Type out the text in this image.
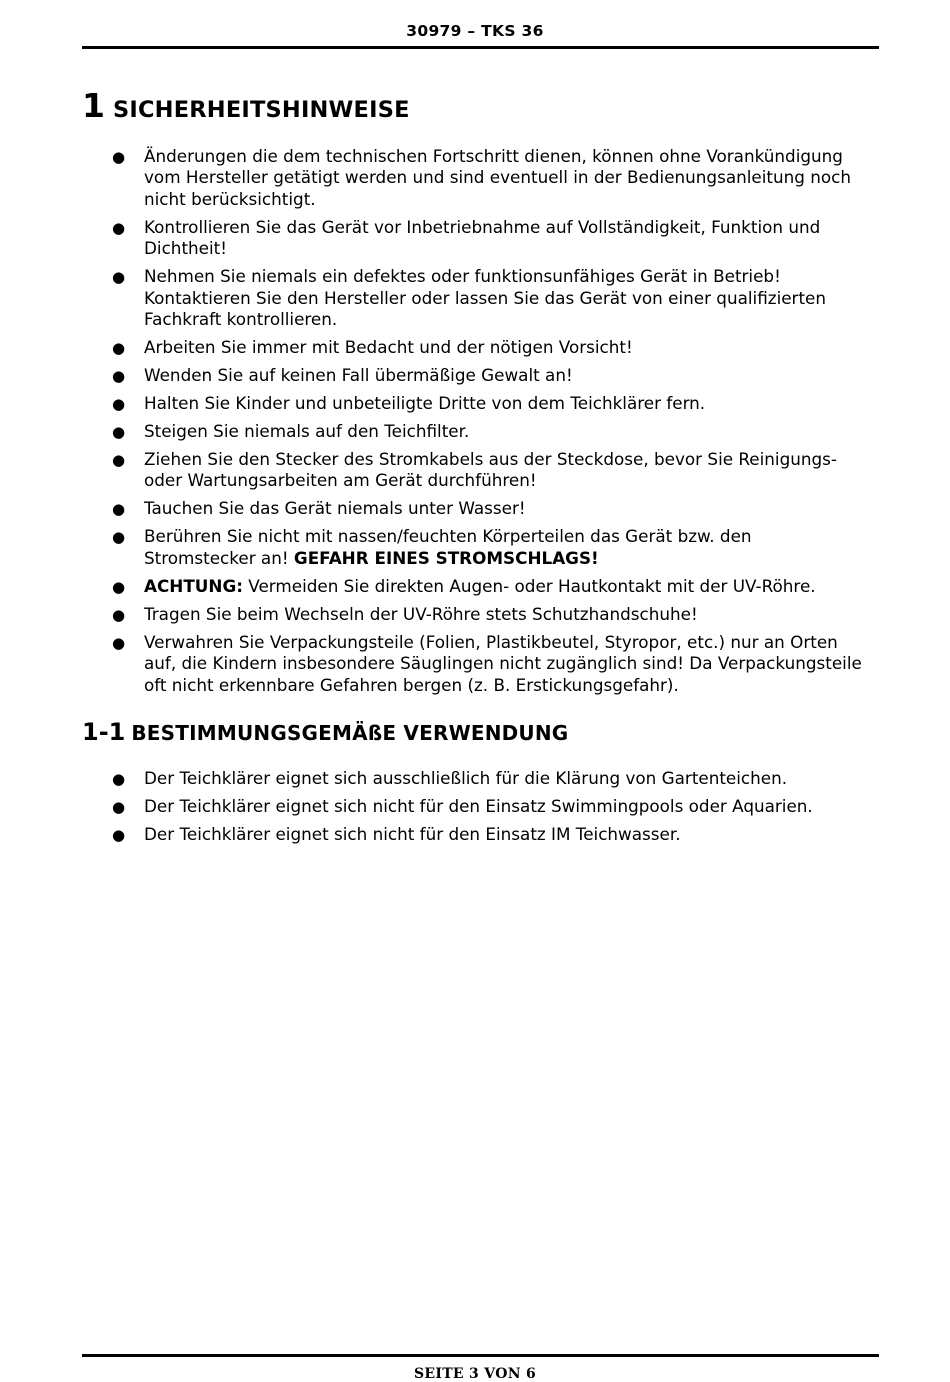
30979 – TKS 36
1 SICHERHEITSHINWEISE
● Änderungen die dem technischen Fortschritt dienen, können ohne Vorankündigung vom Hersteller getätigt werden und sind eventuell in der Bedienungsanleitung noch nicht berücksichtigt.
● Kontrollieren Sie das Gerät vor Inbetriebnahme auf Vollständigkeit, Funktion und Dichtheit!
● Nehmen Sie niemals ein defektes oder funktionsunfähiges Gerät in Betrieb! Kontaktieren Sie den Hersteller oder lassen Sie das Gerät von einer qualifizierten Fachkraft kontrollieren.
● Arbeiten Sie immer mit Bedacht und der nötigen Vorsicht!
● Wenden Sie auf keinen Fall übermäßige Gewalt an!
● Halten Sie Kinder und unbeteiligte Dritte von dem Teichklärer fern.
● Steigen Sie niemals auf den Teichfilter.
● Ziehen Sie den Stecker des Stromkabels aus der Steckdose, bevor Sie Reinigungs- oder Wartungsarbeiten am Gerät durchführen!
● Tauchen Sie das Gerät niemals unter Wasser!
● Berühren Sie nicht mit nassen/feuchten Körperteilen das Gerät bzw. den Stromstecker an! GEFAHR EINES STROMSCHLAGS!
● ACHTUNG: Vermeiden Sie direkten Augen- oder Hautkontakt mit der UV-Röhre.
● Tragen Sie beim Wechseln der UV-Röhre stets Schutzhandschuhe!
● Verwahren Sie Verpackungsteile (Folien, Plastikbeutel, Styropor, etc.) nur an Orten auf, die Kindern insbesondere Säuglingen nicht zugänglich sind! Da Verpackungsteile oft nicht erkennbare Gefahren bergen (z. B. Erstickungsgefahr).
1-1 BESTIMMUNGSGEMÄßE VERWENDUNG
● Der Teichklärer eignet sich ausschließlich für die Klärung von Gartenteichen.
● Der Teichklärer eignet sich nicht für den Einsatz Swimmingpools oder Aquarien.
● Der Teichklärer eignet sich nicht für den Einsatz IM Teichwasser.
SEITE 3 VON 6
